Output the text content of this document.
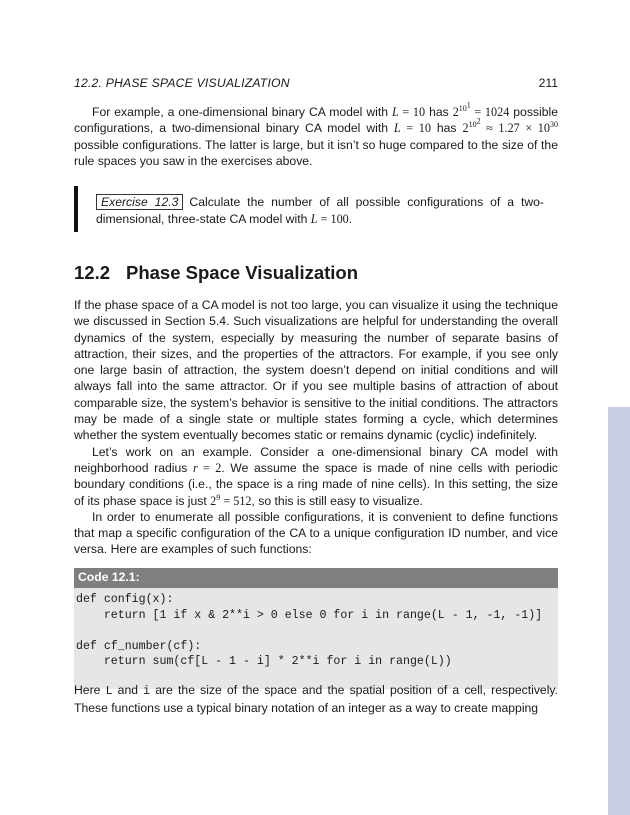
12.2. PHASE SPACE VISUALIZATION	211

For example, a one-dimensional binary CA model with L = 10 has $2^{10^1} = 1024$ possible configurations, a two-dimensional binary CA model with L = 10 has $2^{10^2} \approx 1.27 \times 10^{30}$ possible configurations. The latter is large, but it isn’t so huge compared to the size of the rule spaces you saw in the exercises above.

Exercise 12.3 Calculate the number of all possible configurations of a two-dimensional, three-state CA model with L = 100.
12.2 Phase Space Visualization

If the phase space of a CA model is not too large, you can visualize it using the technique we discussed in Section 5.4. Such visualizations are helpful for understanding the overall dynamics of the system, especially by measuring the number of separate basins of attraction, their sizes, and the properties of the attractors. For example, if you see only one large basin of attraction, the system doesn’t depend on initial conditions and will always fall into the same attractor. Or if you see multiple basins of attraction of about comparable size, the system’s behavior is sensitive to the initial conditions. The attractors may be made of a single state or multiple states forming a cycle, which determines whether the system eventually becomes static or remains dynamic (cyclic) indefinitely.

Let’s work on an example. Consider a one-dimensional binary CA model with neighborhood radius r = 2. We assume the space is made of nine cells with periodic boundary conditions (i.e., the space is a ring made of nine cells). In this setting, the size of its phase space is just $2^9 = 512$, so this is still easy to visualize.

In order to enumerate all possible configurations, it is convenient to define functions that map a specific configuration of the CA to a unique configuration ID number, and vice versa. Here are examples of such functions:

Code 12.1:
def config(x):
return [1 if x & 2**i > 0 else 0 for i in range(L - 1, -1, -1)]

def cf_number(cf):
return sum(cf[L - 1 - i] * 2**i for i in range(L))

Here L and i are the size of the space and the spatial position of a cell, respectively. These functions use a typical binary notation of an integer as a way to create mapping
